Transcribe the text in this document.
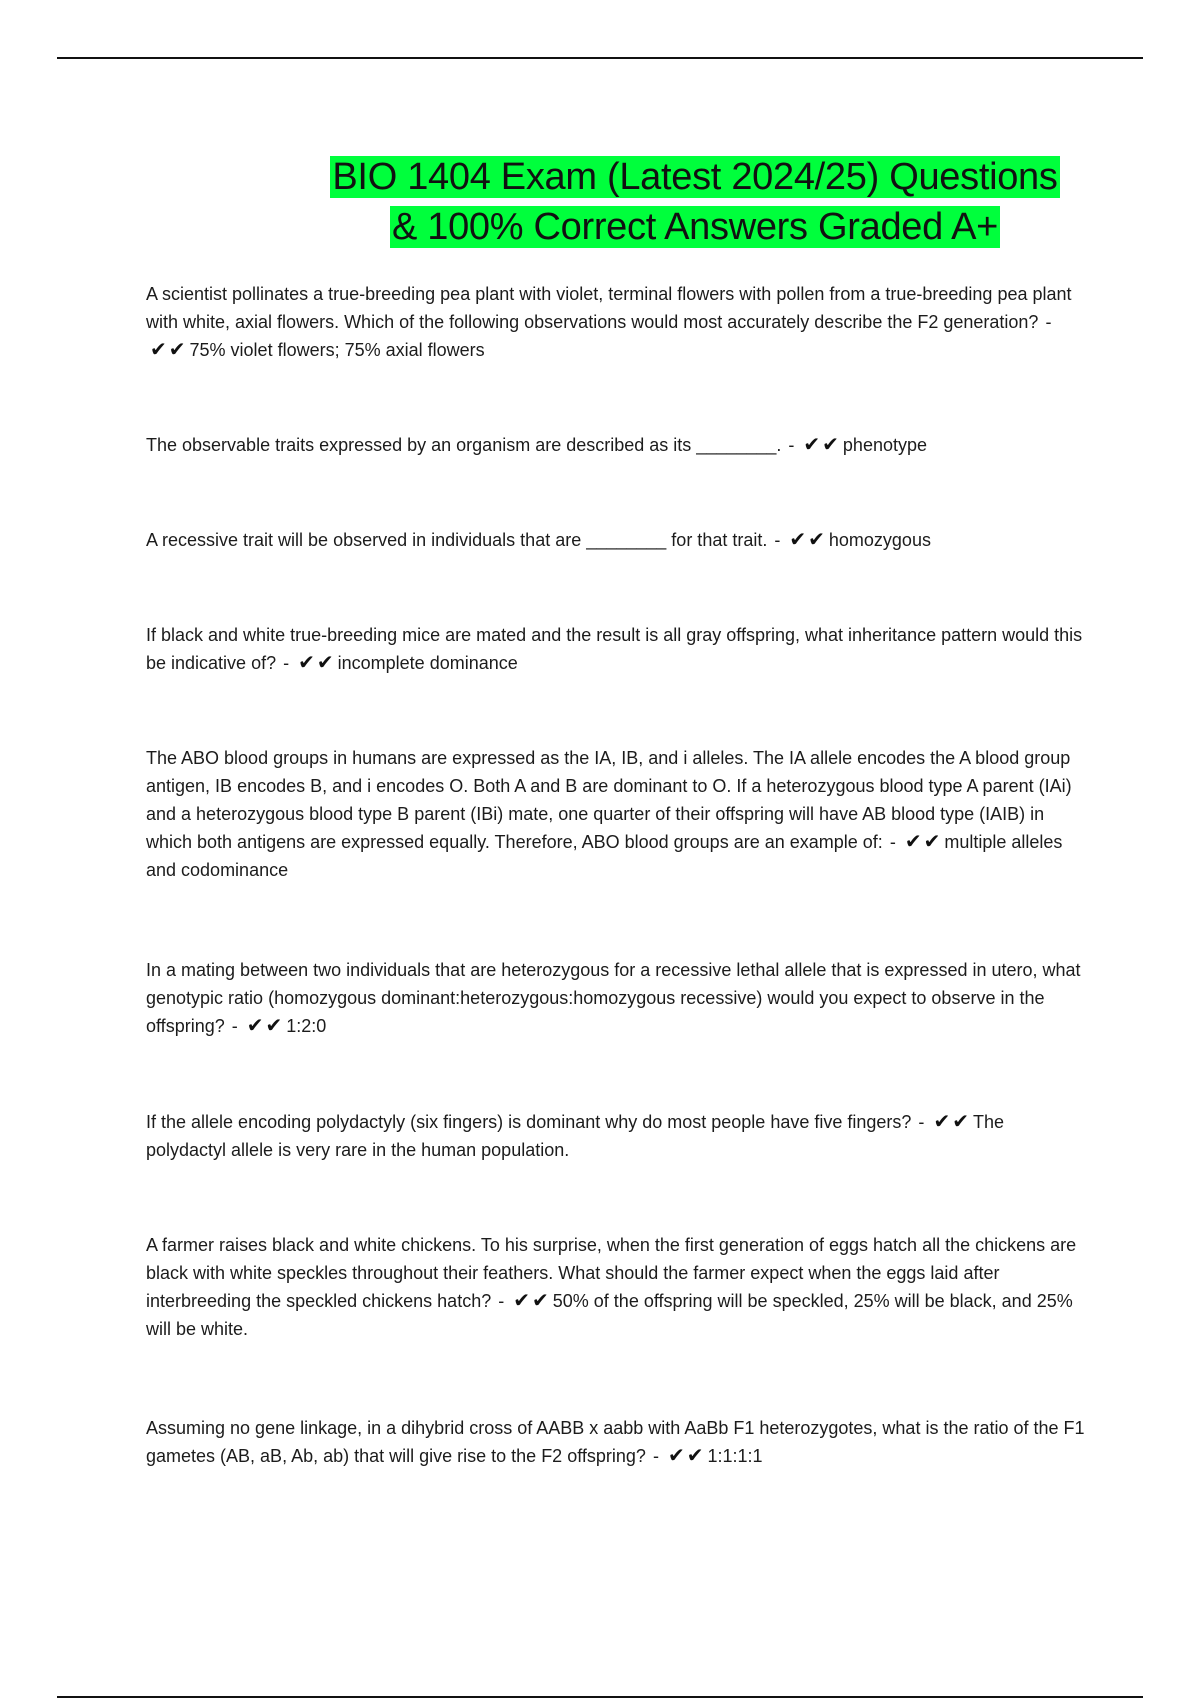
BIO 1404 Exam (Latest 2024/25) Questions
& 100% Correct Answers Graded A+
A scientist pollinates a true-breeding pea plant with violet, terminal flowers with pollen from a true-breeding pea plant with white, axial flowers. Which of the following observations would most accurately describe the F2 generation? - ✔✔ 75% violet flowers; 75% axial flowers
The observable traits expressed by an organism are described as its ________. - ✔✔ phenotype
A recessive trait will be observed in individuals that are ________ for that trait. - ✔✔ homozygous
If black and white true-breeding mice are mated and the result is all gray offspring, what inheritance pattern would this be indicative of? - ✔✔ incomplete dominance
The ABO blood groups in humans are expressed as the IA, IB, and i alleles. The IA allele encodes the A blood group antigen, IB encodes B, and i encodes O. Both A and B are dominant to O. If a heterozygous blood type A parent (IAi) and a heterozygous blood type B parent (IBi) mate, one quarter of their offspring will have AB blood type (IAIB) in which both antigens are expressed equally. Therefore, ABO blood groups are an example of: - ✔✔ multiple alleles and codominance
In a mating between two individuals that are heterozygous for a recessive lethal allele that is expressed in utero, what genotypic ratio (homozygous dominant:heterozygous:homozygous recessive) would you expect to observe in the offspring? - ✔✔ 1:2:0
If the allele encoding polydactyly (six fingers) is dominant why do most people have five fingers? - ✔✔ The polydactyl allele is very rare in the human population.
A farmer raises black and white chickens. To his surprise, when the first generation of eggs hatch all the chickens are black with white speckles throughout their feathers. What should the farmer expect when the eggs laid after interbreeding the speckled chickens hatch? - ✔✔ 50% of the offspring will be speckled, 25% will be black, and 25% will be white.
Assuming no gene linkage, in a dihybrid cross of AABB x aabb with AaBb F1 heterozygotes, what is the ratio of the F1 gametes (AB, aB, Ab, ab) that will give rise to the F2 offspring? - ✔✔ 1:1:1:1
